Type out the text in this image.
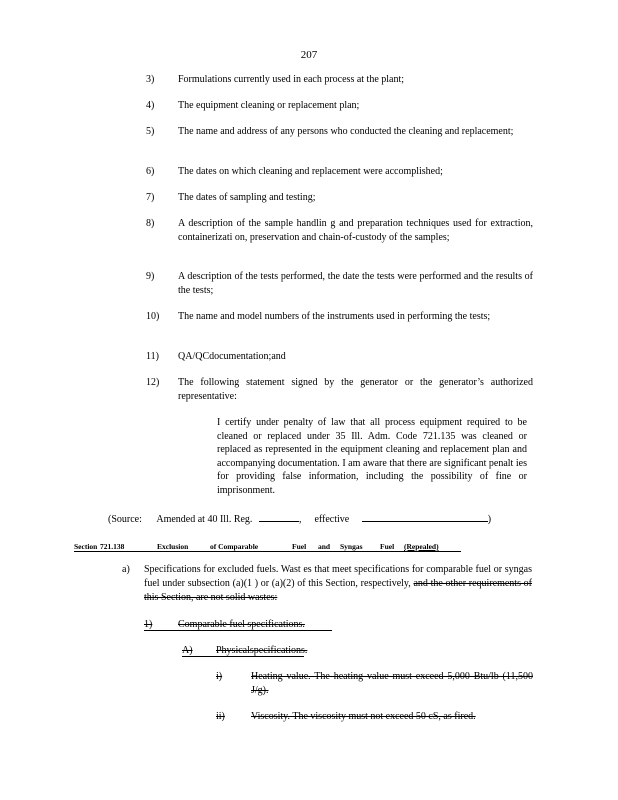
207
3) Formulations currently used in each process at the plant;
4) The equipment cleaning or replacement plan;
5) The name and address of any persons who conducted the cleaning and replacement;
6) The dates on which cleaning and replacement were accomplished;
7) The dates of sampling and testing;
8) A description of the sample handlin g and preparation techniques used for extraction, containerizati on, preservation and chain-of-custody of the samples;
9) A description of the tests performed, the date the tests were performed and the results of the tests;
10) The name and model numbers of the instruments used in performing the tests;
11) QA/QCdocumentation;and
12) The following statement signed by the generator or the generator’s authorized representative:
I certify under penalty of law that all process equipment required to be cleaned or replaced under 35 Ill. Adm. Code 721.135 was cleaned or replaced as represented in the equipment cleaning and replacement plan and accompanying documentation. I am aware that there are significant penalt ies for providing false information, including the possibility of fine or imprisonment.
(Source: Amended at 40 Ill. Reg.	,  effective	)
Section 721.138	Exclusion	of Comparable	Fuel and Syngas Fuel (Repealed)
a) Specifications for excluded fuels. Wast es that meet specifications for comparable fuel or syngas fuel under subsection (a)(1 ) or (a)(2) of this Section, respectively, and the other requirements of this Section, are not solid wastes:
1)	Comparable fuel specifications.
A) Physicalspecifications.
i)	Heating value. The heating value must exceed 5,000 Btu/lb (11,500 J/g).
ii)	Viscosity. The viscosity must not exceed 50 cS, as fired.
